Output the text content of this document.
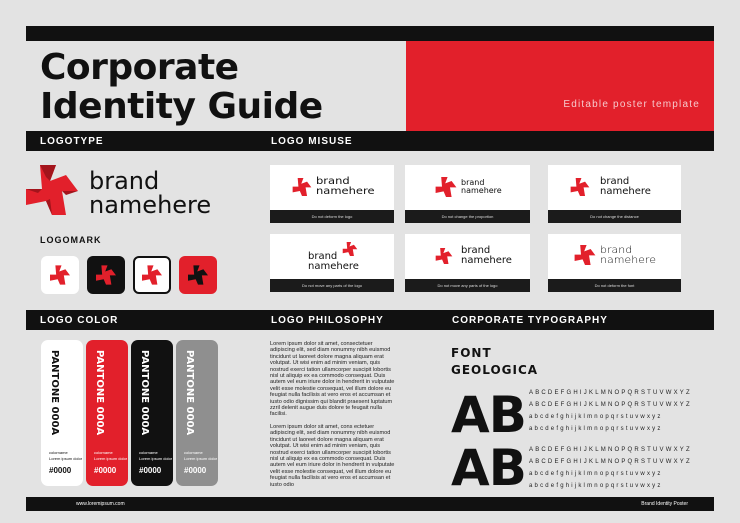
Corporate
Identity Guide	Editable poster template
LOGOTYPE	LOGO MISUSE
brand
namehere
LOGOMARK
brand
namehere
Do not deform the logo
brand
namehere
Do not change the proportion
brand
namehere
Do not change the distance
brand
namehere
Do not move any parts of the logo
brand
namehere
Do not move any parts of the logo
brand
namehere
Do not deform the font
LOGO COLOR	LOGO PHILOSOPHY	CORPORATE TYPOGRAPHY
PANTONE 000A
colorname
Lorem ipsum dolor
#0000
PANTONE 000A
colorname
Lorem ipsum dolor
#0000
PANTONE 000A
colorname
Lorem ipsum dolor
#0000
PANTONE 000A
colorname
Lorem ipsum dolor
#0000
Lorem ipsum dolor sit amet, consectetuer adipiscing elit, sed diam nonummy nibh euismod tincidunt ut laoreet dolore magna aliquam erat volutpat. Ut wisi enim ad minim veniam, quis nostrud exerci tation ullamcorper suscipit lobortis nisl ut aliquip ex ea commodo consequat. Duis autem vel eum iriure dolor in hendrerit in vulputate velit esse molestie consequat, vel illum dolore eu feugiat nulla facilisis at vero eros et accumsan et iusto odio dignissim qui blandit praesent luptatum zzril delenit augue duis dolore te feugait nulla facilisi.
Lorem ipsum dolor sit amet, cons ectetuer adipiscing elit, sed diam nonummy nibh euismod tincidunt ut laoreet dolore magna aliquam erat volutpat. Ut wisi enim ad minim veniam, quis nostrud exerci tation ullamcorper suscipit lobortis nisl ut aliquip ex ea commodo consequat. Duis autem vel eum iriure dolor in hendrerit in vulputate velit esse molestie consequat, vel illum dolore eu feugiat nulla facilisis at vero eros et accumsan et iusto odio
FONT
GEOLOGICA
AB ABCDEFGHIJKLMNOPQRSTUVWXYZ
ABCDEFGHIJKLMNOPQRSTUVWXYZ
abcdefghijklmnopqrstuvwxyz
abcdefghijklmnopqrstuvwxyz
AB ABCDEFGHIJKLMNOPQRSTUVWXYZ
ABCDEFGHIJKLMNOPQRSTUVWXYZ
abcdefghijklmnopqrstuvwxyz
abcdefghijklmnopqrstuvwxyz
www.loremipsum.com	Brand Identity Poster
